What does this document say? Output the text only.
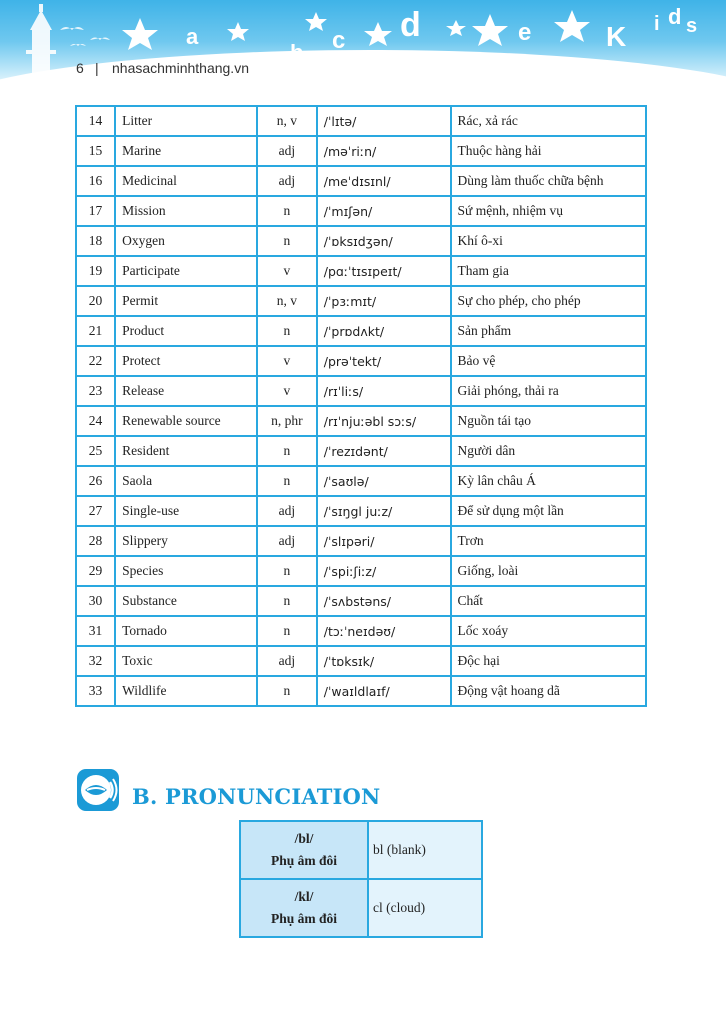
a
b c d	e	K i d s
6 | nhasachminhthang.vn
14	Litter	n, v	/ˈlɪtə/	Rác, xả rác
15	Marine	adj	/məˈriːn/	Thuộc hàng hải
16	Medicinal	adj	/meˈdɪsɪnl/	Dùng làm thuốc chữa bệnh
17	Mission	n	/ˈmɪʃən/	Sứ mệnh, nhiệm vụ
18	Oxygen	n	/ˈɒksɪdʒən/	Khí ô-xi
19	Participate	v	/pɑːˈtɪsɪpeɪt/	Tham gia
20	Permit	n, v	/ˈpɜːmɪt/	Sự cho phép, cho phép
21	Product	n	/ˈprɒdʌkt/	Sản phẩm
22	Protect	v	/prəˈtekt/	Bảo vệ
23	Release	v	/rɪˈliːs/	Giải phóng, thải ra
24	Renewable source	n, phr	/rɪˈnjuːəbl sɔːs/	Nguồn tái tạo
25	Resident	n	/ˈrezɪdənt/	Người dân
26	Saola	n	/ˈsaʊlə/	Kỳ lân châu Á
27	Single-use	adj	/ˈsɪŋgl juːz/	Để sử dụng một lần
28	Slippery	adj	/ˈslɪpəri/	Trơn
29	Species	n	/ˈspiːʃiːz/	Giống, loài
30	Substance	n	/ˈsʌbstəns/	Chất
31	Tornado	n	/tɔːˈneɪdəʊ/	Lốc xoáy
32	Toxic	adj	/ˈtɒksɪk/	Độc hại
33	Wildlife	n	/ˈwaɪldlaɪf/	Động vật hoang dã
B. PRONUNCIATION
/bl/
Phụ âm đôi	bl (blank)

/kl/
Phụ âm đôi	cl (cloud)
